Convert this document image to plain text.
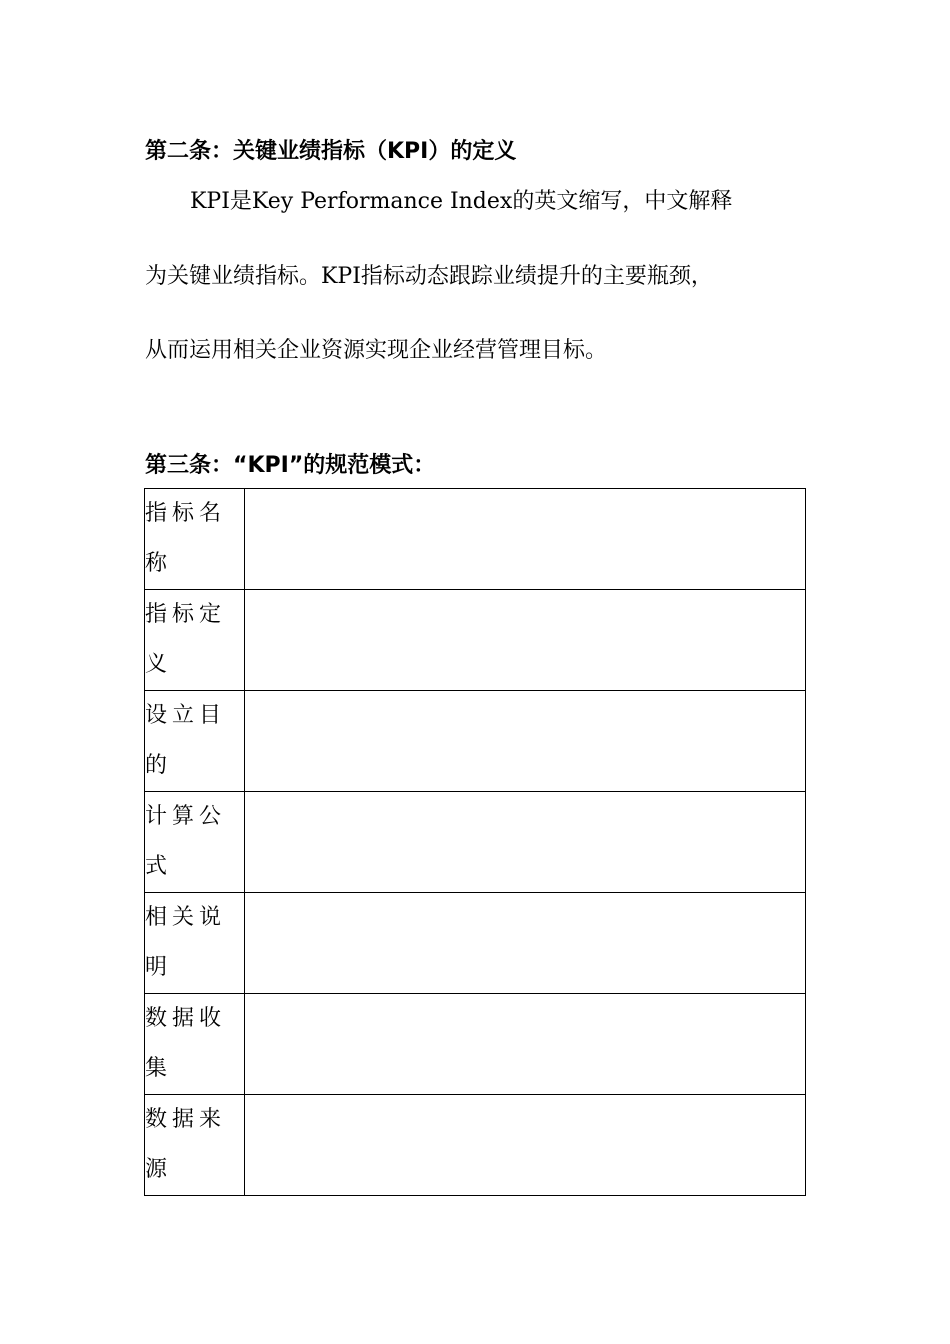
第二条：关键业绩指标（KPI）的定义
KPI是Key Performance Index的英文缩写，中文解释
为关键业绩指标。KPI指标动态跟踪业绩提升的主要瓶颈，
从而运用相关企业资源实现企业经营管理目标。
第三条：“KPI”的规范模式：
指标名称	
指标定义	
设立目的	
计算公式	
相关说明	
数据收集	
数据来源	
